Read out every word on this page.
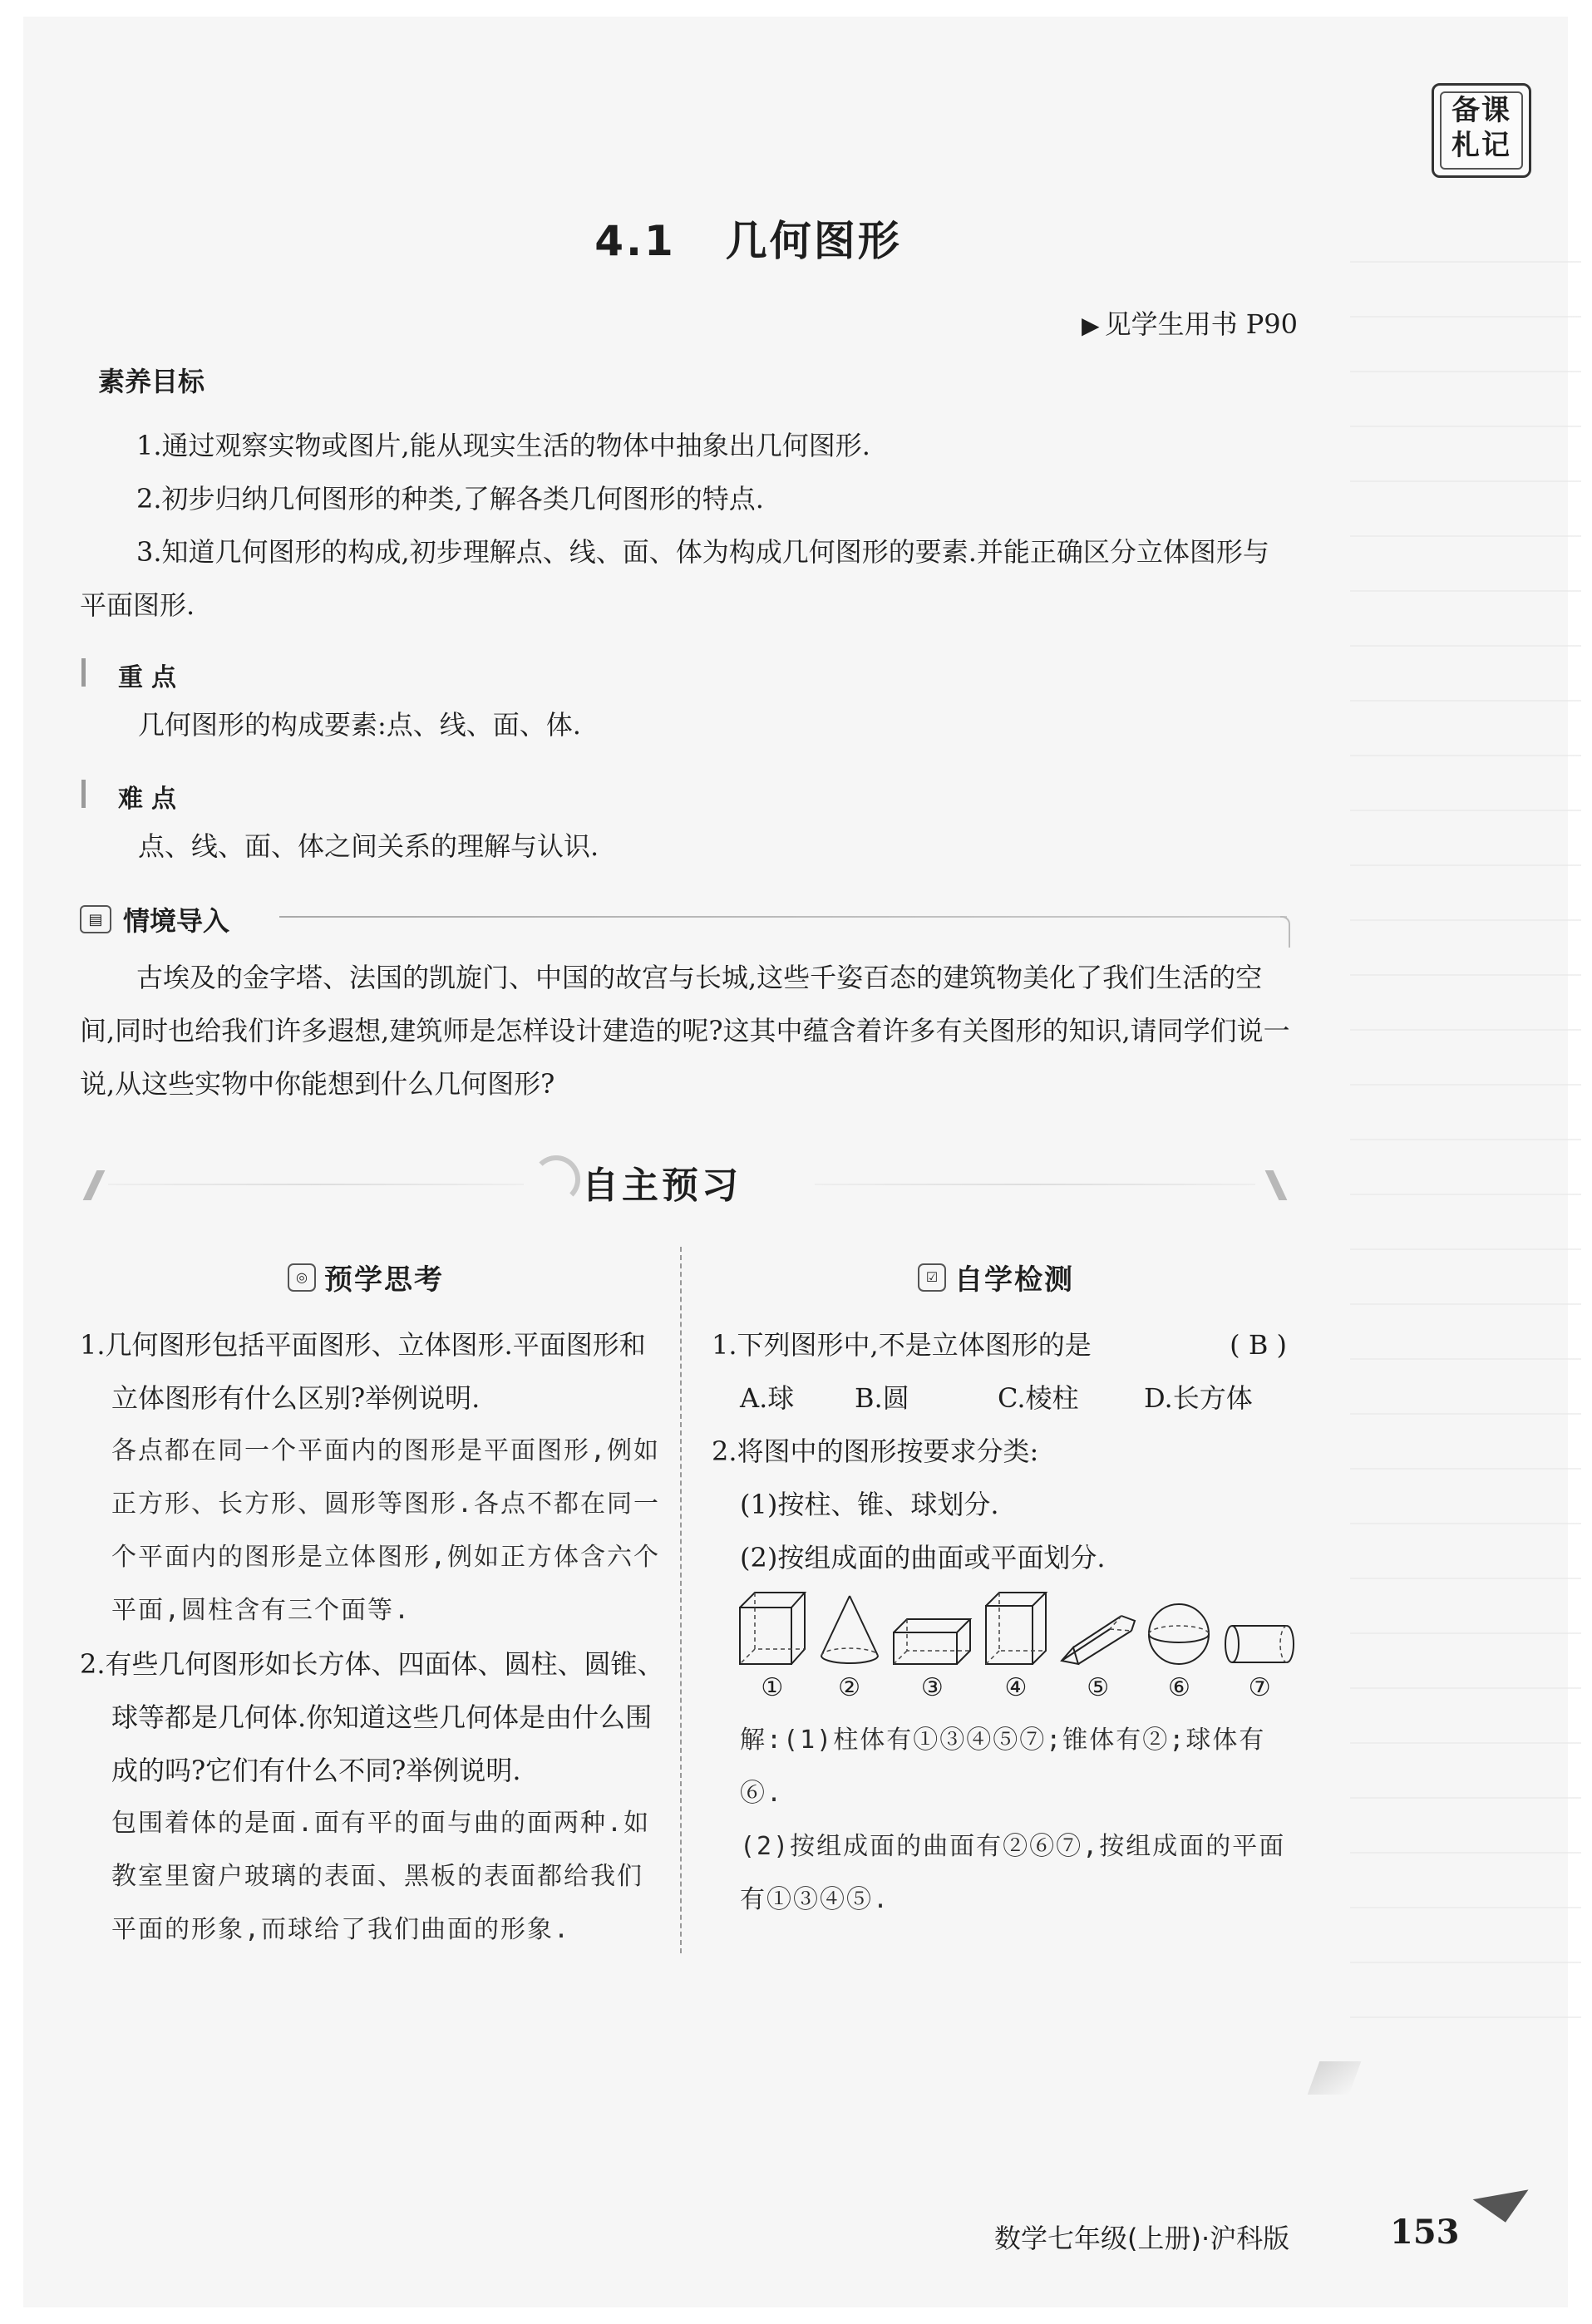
备课
札记
4.1 几何图形
▶ 见学生用书 P90
素养目标
1.通过观察实物或图片,能从现实生活的物体中抽象出几何图形.
2.初步归纳几何图形的种类,了解各类几何图形的特点.
3.知道几何图形的构成,初步理解点、线、面、体为构成几何图形的要素.并能正确区分立体图形与平面图形.
重点
几何图形的构成要素:点、线、面、体.
难点
点、线、面、体之间关系的理解与认识.
▤ 情境导入
古埃及的金字塔、法国的凯旋门、中国的故宫与长城,这些千姿百态的建筑物美化了我们生活的空间,同时也给我们许多遐想,建筑师是怎样设计建造的呢?这其中蕴含着许多有关图形的知识,请同学们说一说,从这些实物中你能想到什么几何图形?
自主预习
◎ 预学思考
1.几何图形包括平面图形、立体图形.平面图形和立体图形有什么区别?举例说明.
各点都在同一个平面内的图形是平面图形,例如正方形、长方形、圆形等图形.各点不都在同一个平面内的图形是立体图形,例如正方体含六个平面,圆柱含有三个面等.
2.有些几何图形如长方体、四面体、圆柱、圆锥、球等都是几何体.你知道这些几何体是由什么围成的吗?它们有什么不同?举例说明.
包围着体的是面.面有平的面与曲的面两种.如教室里窗户玻璃的表面、黑板的表面都给我们平面的形象,而球给了我们曲面的形象.
☑ 自学检测
1.下列图形中,不是立体图形的是	( B )
A.球	B.圆	C.棱柱	D.长方体
2.将图中的图形按要求分类:
(1)按柱、锥、球划分.
(2)按组成面的曲面或平面划分.
① ② ③ ④ ⑤ ⑥ ⑦
解:(1)柱体有①③④⑤⑦;锥体有②;球体有⑥.
(2)按组成面的曲面有②⑥⑦,按组成面的平面有①③④⑤.
数学七年级(上册)·沪科版	153
